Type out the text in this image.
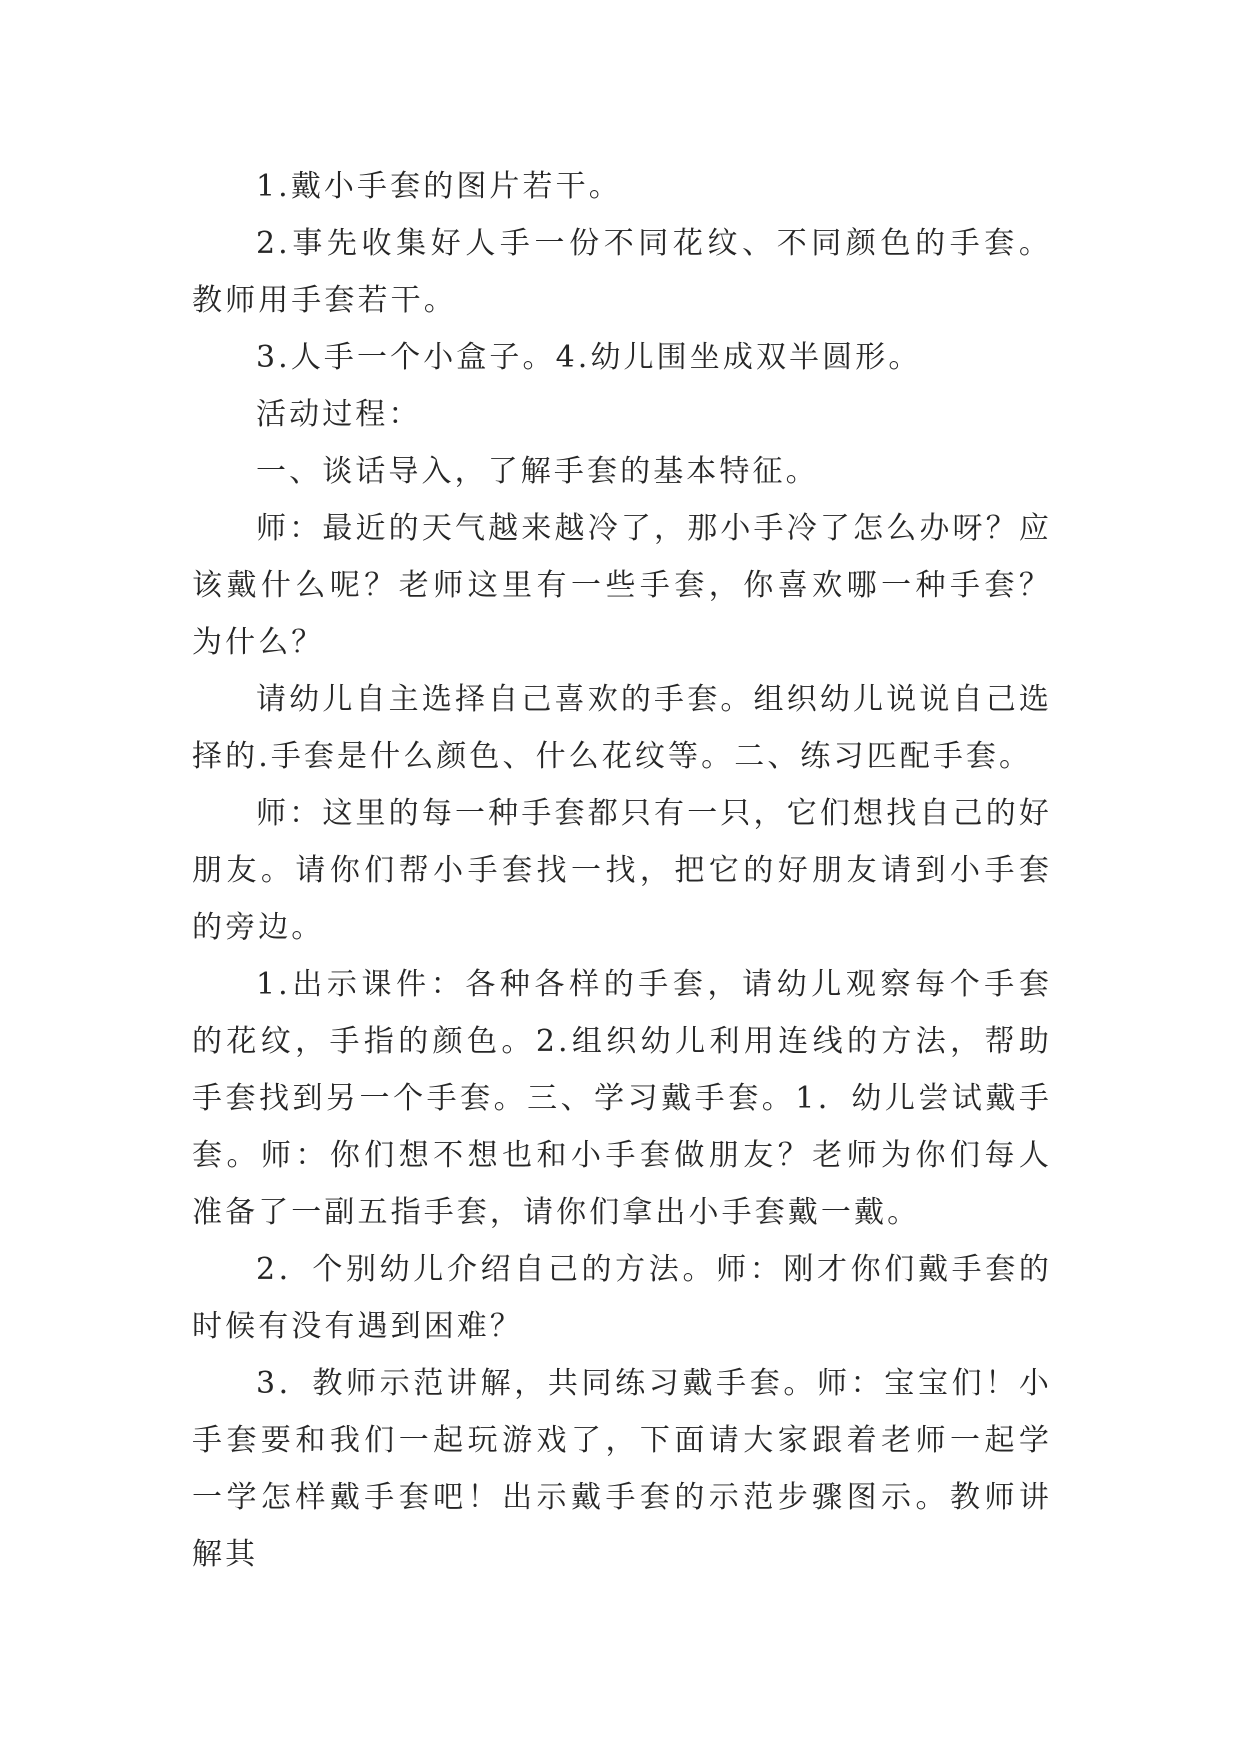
1.戴小手套的图片若干。

2.事先收集好人手一份不同花纹、不同颜色的手套。教师用手套若干。

3.人手一个小盒子。4.幼儿围坐成双半圆形。

活动过程：

一、谈话导入，了解手套的基本特征。

师：最近的天气越来越冷了，那小手冷了怎么办呀？应该戴什么呢？老师这里有一些手套，你喜欢哪一种手套？为什么？

请幼儿自主选择自己喜欢的手套。组织幼儿说说自己选择的.手套是什么颜色、什么花纹等。二、练习匹配手套。

师：这里的每一种手套都只有一只，它们想找自己的好朋友。请你们帮小手套找一找，把它的好朋友请到小手套的旁边。

1.出示课件：各种各样的手套，请幼儿观察每个手套的花纹，手指的颜色。2.组织幼儿利用连线的方法，帮助手套找到另一个手套。三、学习戴手套。1．幼儿尝试戴手套。师：你们想不想也和小手套做朋友？老师为你们每人准备了一副五指手套，请你们拿出小手套戴一戴。

2．个别幼儿介绍自己的方法。师：刚才你们戴手套的时候有没有遇到困难？

3．教师示范讲解，共同练习戴手套。师：宝宝们！小手套要和我们一起玩游戏了，下面请大家跟着老师一起学一学怎样戴手套吧！出示戴手套的示范步骤图示。教师讲解其
